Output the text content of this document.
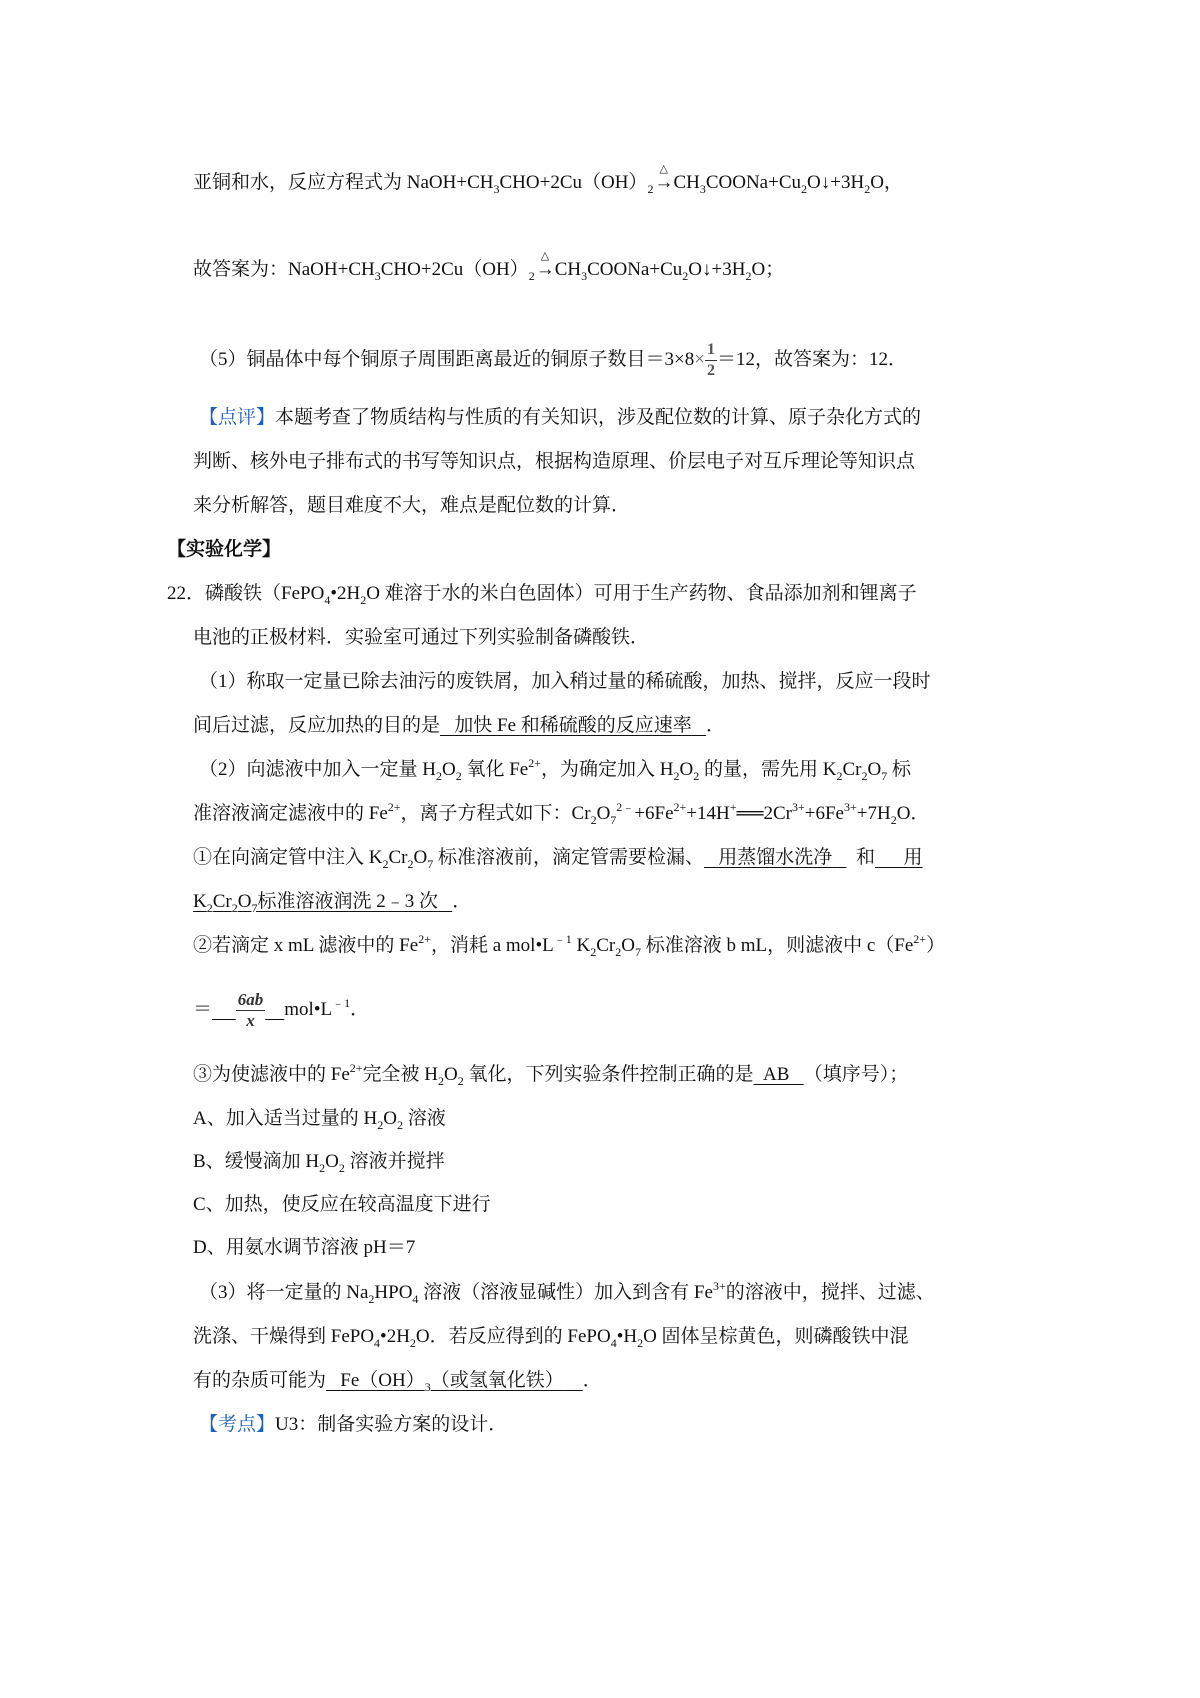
亚铜和水，反应方程式为 $NaOH+CH_3CHO+2Cu(OH)_2$
△
$\to CH_3COONa+Cu_2O↓+3H_2O$，
故答案为：$NaOH+CH_3CHO+2Cu(OH)_2$
△
$\to CH_3COONa+Cu_2O↓+3H_2O$；
（5）铜晶体中每个铜原子周围距离最近的铜原子数目$=3\times 8\times \frac{1}{2} =12$，故答案为：12．
【点评】本题考查了物质结构与性质的有关知识，涉及配位数的计算、原子杂化方式的
判断、核外电子排布式的书写等知识点，根据构造原理、价层电子对互斥理论等知识点
来分析解答，题目难度不大，难点是配位数的计算．
【实验化学】
22．磷酸铁（$FePO_4•2H_2O$ 难溶于水的米白色固体）可用于生产药物、食品添加剂和锂离子
电池的正极材料．实验室可通过下列实验制备磷酸铁．
（1）称取一定量已除去油污的废铁屑，加入稍过量的稀硫酸，加热、搅拌，反应一段时
间后过滤，反应加热的目的是 加快 Fe 和稀硫酸的反应速率 ．
（2）向滤液中加入一定量 $H_2O_2$ 氧化 $Fe^{2+}$，为确定加入 $H_2O_2$ 的量，需先用 $K_2Cr_2O_7$ 标
准溶液滴定滤液中的 $Fe^{2+}$，离子方程式如下：$Cr_2O_7^{2﹣}+6Fe^{2+}+14H^+══2Cr^{3+}+6Fe^{3+}+7H_2O$．
①在向滴定管中注入 $K_2Cr_2O_7$ 标准溶液前，滴定管需要检漏、 用蒸馏水洗净 和 用
$K_2Cr_2O_7$标准溶液润洗 2﹣3 次 ．
②若滴定 x mL 滤液中的 $Fe^{2+}$，消耗 a $mol•L^{﹣1}$ $K_2Cr_2O_7$ 标准溶液 b mL，则滤液中 $c(Fe^{2+})$
＝ $\frac{6ab}{x}$ $mol•L^{﹣1}$．
③为使滤液中的 $Fe^{2+}$完全被 $H_2O_2$ 氧化，下列实验条件控制正确的是 AB （填序号）；
A、加入适当过量的 $H_2O_2$ 溶液
B、缓慢滴加 $H_2O_2$ 溶液并搅拌
C、加热，使反应在较高温度下进行
D、用氨水调节溶液 pH＝7
（3）将一定量的 $Na_2HPO_4$ 溶液（溶液显碱性）加入到含有 $Fe^{3+}$的溶液中，搅拌、过滤、
洗涤、干燥得到 $FePO_4•2H_2O$．若反应得到的 $FePO_4•H_2O$ 固体呈棕黄色，则磷酸铁中混
有的杂质可能为 $Fe(OH)_3$（或氢氧化铁） ．
【考点】U3：制备实验方案的设计．
